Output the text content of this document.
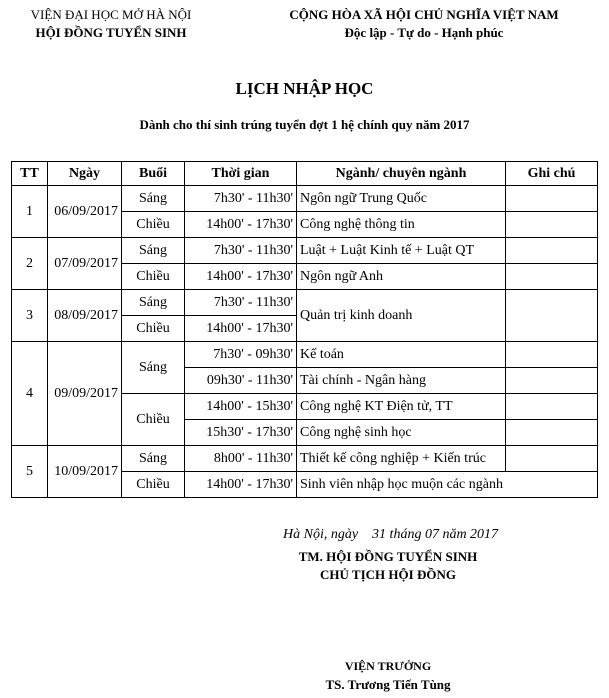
VIỆN ĐẠI HỌC MỞ HÀ NỘI
HỘI ĐỒNG TUYỂN SINH
CỘNG HÒA XÃ HỘI CHỦ NGHĨA VIỆT NAM
Độc lập - Tự do - Hạnh phúc
LỊCH NHẬP HỌC
Dành cho thí sinh trúng tuyển đợt 1 hệ chính quy năm 2017
TT	Ngày	Buổi	Thời gian	Ngành/ chuyên ngành	Ghi chú
1	06/09/2017	Sáng	7h30' - 11h30'	Ngôn ngữ Trung Quốc	
		Chiều	14h00' - 17h30'	Công nghệ thông tin	
2	07/09/2017	Sáng	7h30' - 11h30'	Luật + Luật Kinh tế + Luật QT	
		Chiều	14h00' - 17h30'	Ngôn ngữ Anh	
3	08/09/2017	Sáng	7h30' - 11h30'	Quản trị kinh doanh	
		Chiều	14h00' - 17h30'		
4	09/09/2017	Sáng	7h30' - 09h30'	Kế toán	
			09h30' - 11h30'	Tài chính - Ngân hàng	
		Chiều	14h00' - 15h30'	Công nghệ KT Điện tử, TT	
			15h30' - 17h30'	Công nghệ sinh học	
5	10/09/2017	Sáng	8h00' - 11h30'	Thiết kế công nghiệp + Kiến trúc	
		Chiều	14h00' - 17h30'	Sinh viên nhập học muộn các ngành	
Hà Nội, ngày    31 tháng 07 năm 2017
TM. HỘI ĐỒNG TUYỂN SINH
CHỦ TỊCH HỘI ĐỒNG
VIỆN TRƯỞNG
TS. Trương Tiến Tùng
